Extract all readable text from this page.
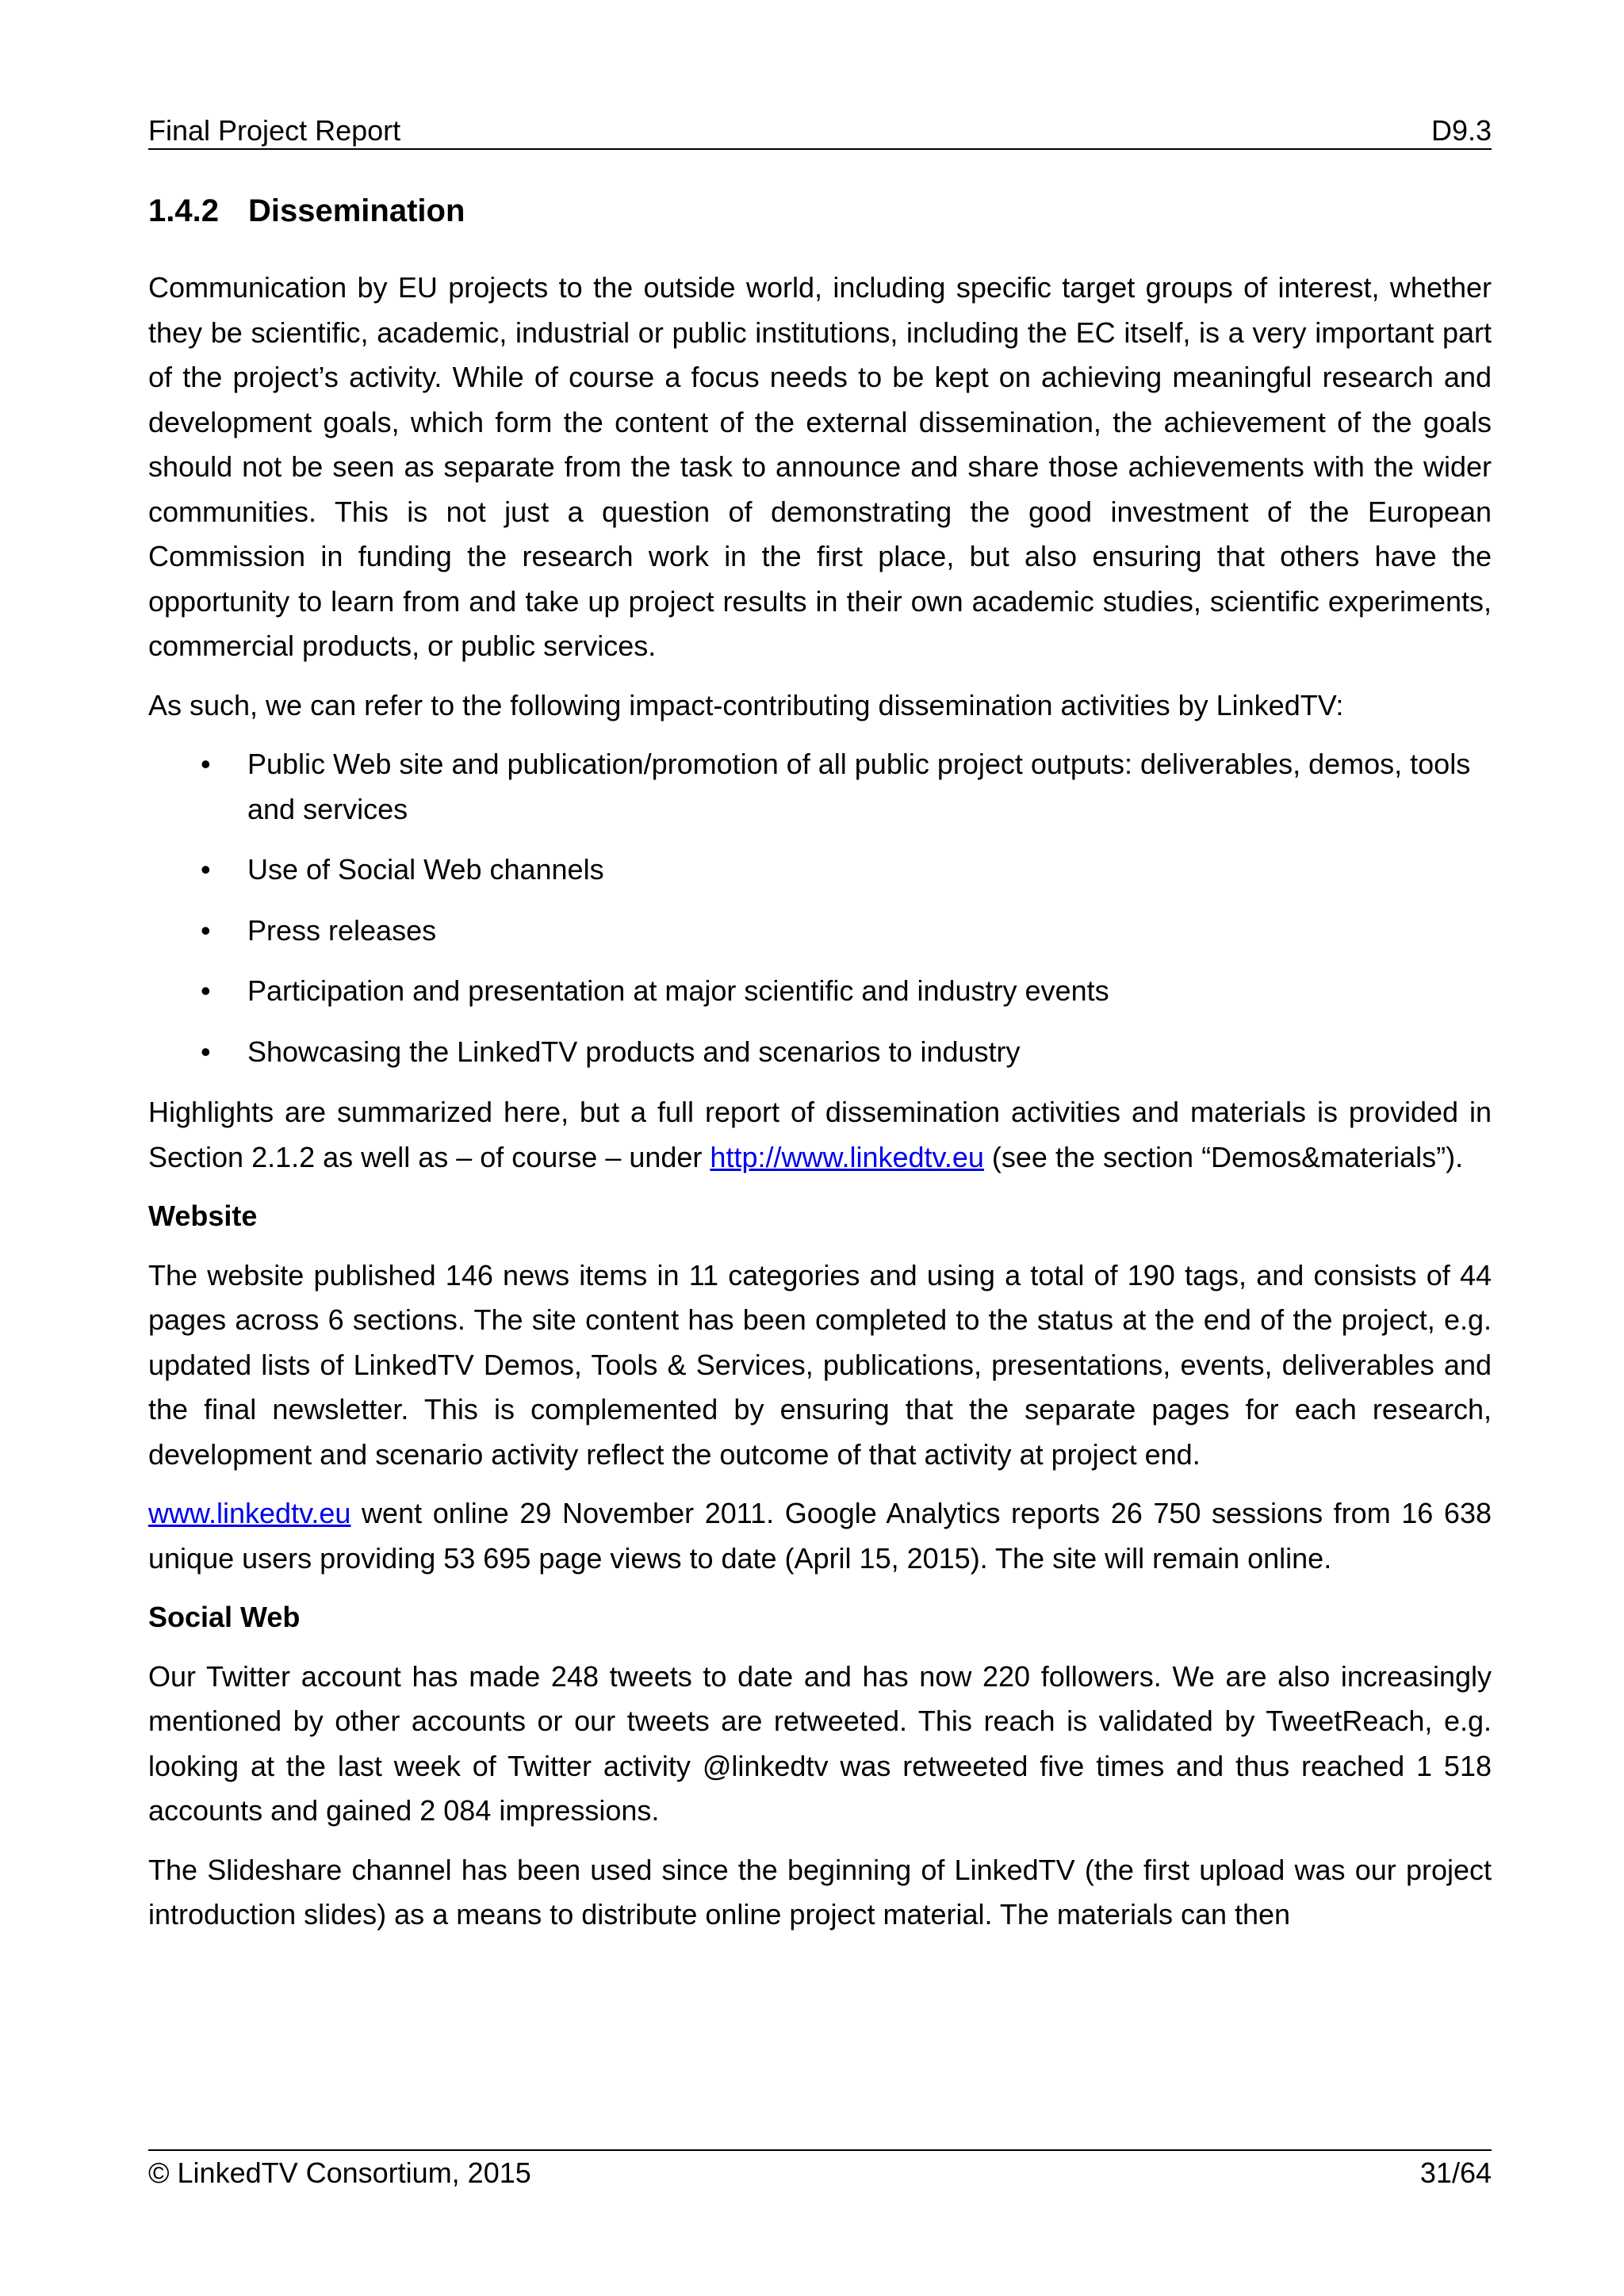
Final Project Report	D9.3
1.4.2 Dissemination

Communication by EU projects to the outside world, including specific target groups of interest, whether they be scientific, academic, industrial or public institutions, including the EC itself, is a very important part of the project’s activity. While of course a focus needs to be kept on achieving meaningful research and development goals, which form the content of the external dissemination, the achievement of the goals should not be seen as separate from the task to announce and share those achievements with the wider communities. This is not just a question of demonstrating the good investment of the European Commission in funding the research work in the first place, but also ensuring that others have the opportunity to learn from and take up project results in their own academic studies, scientific experiments, commercial products, or public services.

As such, we can refer to the following impact-contributing dissemination activities by LinkedTV:

• Public Web site and publication/promotion of all public project outputs: deliverables, demos, tools and services
• Use of Social Web channels
• Press releases
• Participation and presentation at major scientific and industry events
• Showcasing the LinkedTV products and scenarios to industry

Highlights are summarized here, but a full report of dissemination activities and materials is provided in Section 2.1.2 as well as – of course – under http://www.linkedtv.eu (see the section “Demos&materials”).

Website

The website published 146 news items in 11 categories and using a total of 190 tags, and consists of 44 pages across 6 sections. The site content has been completed to the status at the end of the project, e.g. updated lists of LinkedTV Demos, Tools & Services, publications, presentations, events, deliverables and the final newsletter. This is complemented by ensuring that the separate pages for each research, development and scenario activity reflect the outcome of that activity at project end.

www.linkedtv.eu went online 29 November 2011. Google Analytics reports 26 750 sessions from 16 638 unique users providing 53 695 page views to date (April 15, 2015). The site will remain online.

Social Web

Our Twitter account has made 248 tweets to date and has now 220 followers. We are also increasingly mentioned by other accounts or our tweets are retweeted. This reach is validated by TweetReach, e.g. looking at the last week of Twitter activity @linkedtv was retweeted five times and thus reached 1 518 accounts and gained 2 084 impressions.

The Slideshare channel has been used since the beginning of LinkedTV (the first upload was our project introduction slides) as a means to distribute online project material. The materials can then

© LinkedTV Consortium, 2015	31/64
